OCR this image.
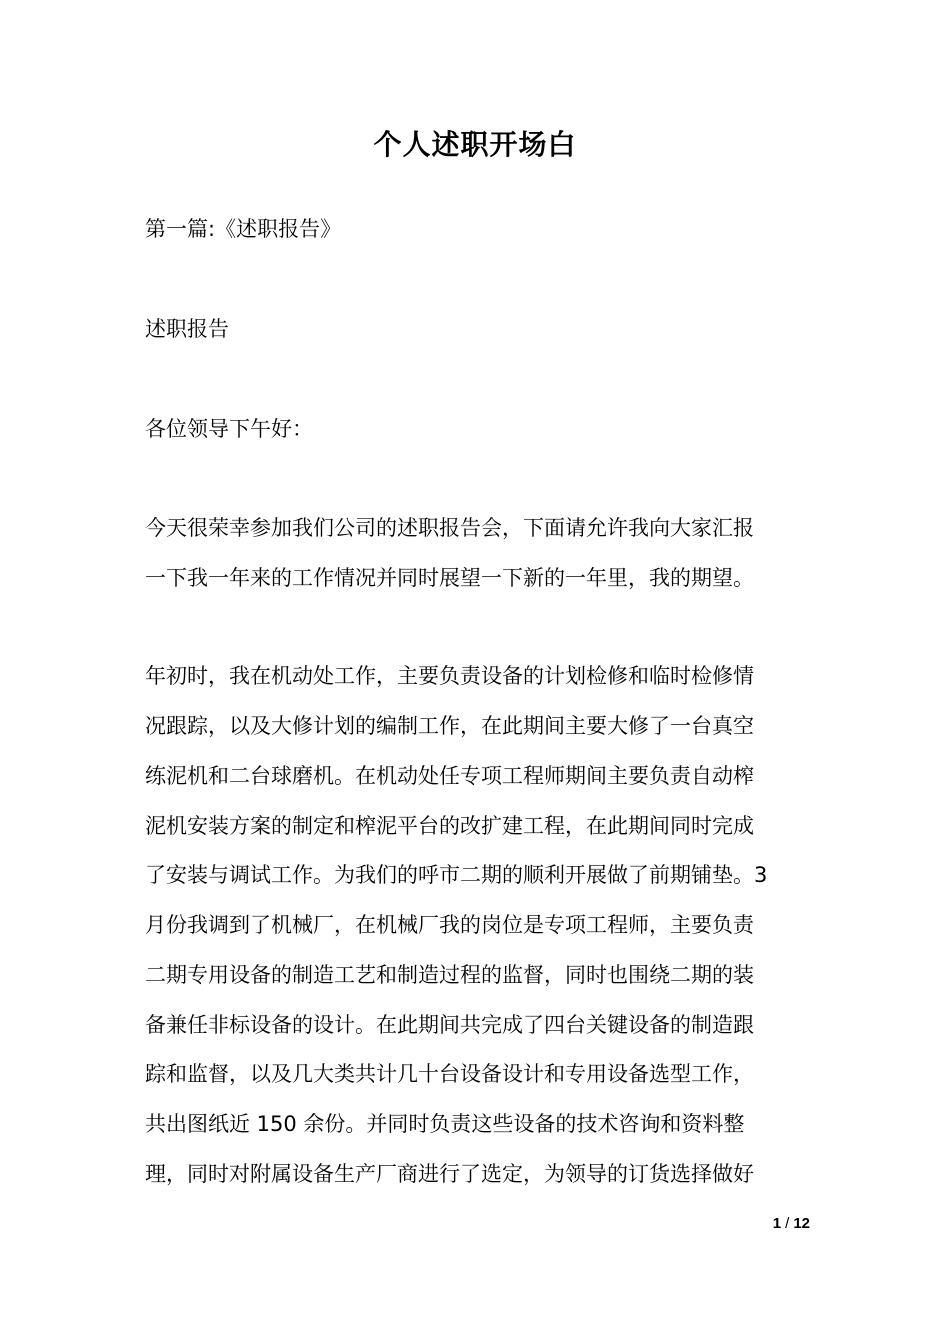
个人述职开场白
第一篇:《述职报告》
述职报告
各位领导下午好：
今天很荣幸参加我们公司的述职报告会，下面请允许我向大家汇报
一下我一年来的工作情况并同时展望一下新的一年里，我的期望。
年初时，我在机动处工作，主要负责设备的计划检修和临时检修情
况跟踪，以及大修计划的编制工作，在此期间主要大修了一台真空
练泥机和二台球磨机。在机动处任专项工程师期间主要负责自动榨
泥机安装方案的制定和榨泥平台的改扩建工程，在此期间同时完成
了安装与调试工作。为我们的呼市二期的顺利开展做了前期铺垫。3
月份我调到了机械厂，在机械厂我的岗位是专项工程师，主要负责
二期专用设备的制造工艺和制造过程的监督，同时也围绕二期的装
备兼任非标设备的设计。在此期间共完成了四台关键设备的制造跟
踪和监督，以及几大类共计几十台设备设计和专用设备选型工作，
共出图纸近 150 余份。并同时负责这些设备的技术咨询和资料整
理，同时对附属设备生产厂商进行了选定，为领导的订货选择做好
1 / 12
